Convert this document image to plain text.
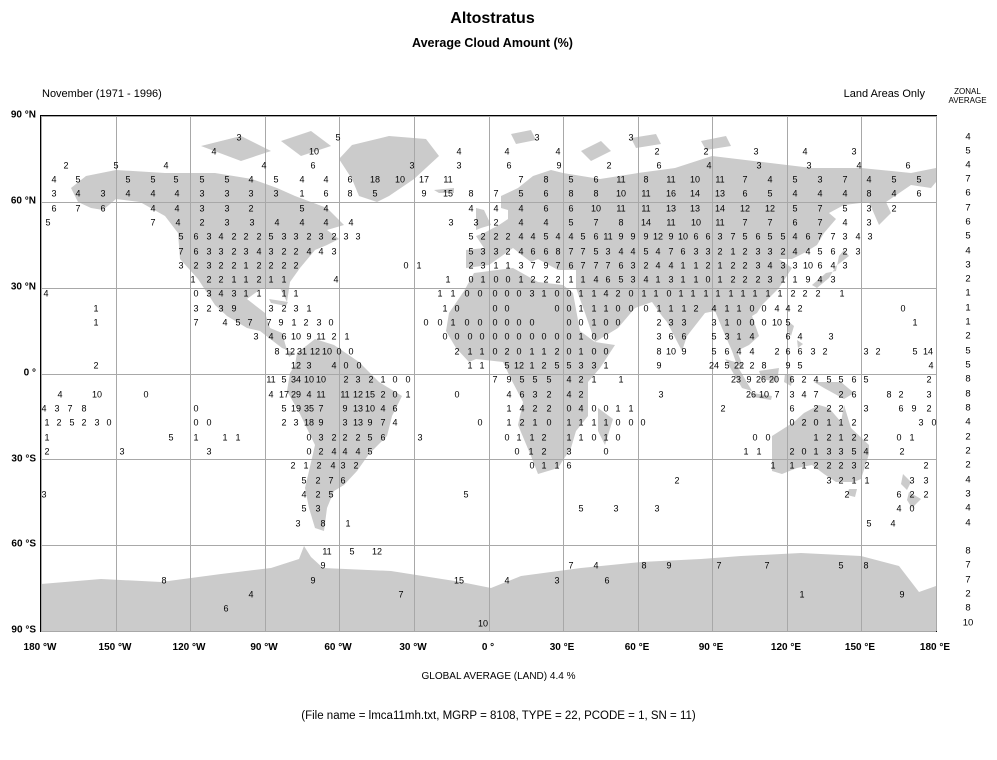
Altostratus
Average Cloud Amount (%)
November (1971 - 1996)	Land Areas Only	ZONAL
AVERAGE
3	5	3	3
4	10	4	4	4	2	2	3	4	3
2	5	4	4	6	3	3	6	9	2	6	4	3	3	4	6
4 5	5 5 5 5 5 4 5 4 4 6 18 10 17 11	7 8 5 6 11 8 11 10 11 7 4 5 3 7 4 5 5
3 4 3 4 4 4 3 3 3 3 1 6 8 5	9 15 8 7 5 6 8 8 10 11 16 14 13 6 5 4 4 4 8 4 6
6 7 6	4 4 3 3 2	5 4	4 4 4 6 6 10 11 11 13 13 14 12 12 5 7 5 3 2
5	7 4 2 3 3 4 4 4 4	3 3 2 4 4 5 7 8 14 11 10 11 7 7 6 7 4 3
5 6 3 4 2 2 2 5 3 3 2 3 2 3 3	5 2 2 2 4 4 5 4 4 5 6 11 9 9 9 12 9 10 6 6 3 7 5 6 5 5 4 6 7 7 3 4 3
7 6 3 3 2 3 4 3 2 2 4 4 3	5 3 3 2 4 6 6 8 7 7 5 3 4 4 5 4 7 6 3 3 2 1 2 3 3 2 4 4 5 6 2 3
3 2 3 2 2 1 2 2 2 2	0 1	2 3 1 1 3 7 9 7 6 7 7 7 6 3 2 4 4 1 1 2 1 2 2 3 4 3 3 10 6 4 3
1 2 2 1 1 2 1 1	4	1 0 1 0 0 1 2 2 2 1 1 4 6 5 3 4 1 3 1 1 0 1 2 2 2 3 1 1 9 4 3
4	0 3 4 3 1 1 1 1	1 1 0 0 0 0 0 3 1 0 0 1 1 4 2 0 1 1 0 1 1 1 1 1 1 1 1 1 2 2 2 1
1	3 2 3 9	3 2 3 1	1 0	0 0	0 0 1 1 1 0 0 0 1 1 1 2 4 1 1 0 0 4 4 2	0
1	7	4 5 7 7 9 1 2 3 0	0 0 1 0 0 0 0 0 0	0 0 1 0 0	2 3 3	3 1 0 0 0 10 5	1
3 4 6 10 9 11 2 1	0 0 0 0 0 0 0 0 0 0 0 1 0 0	3 6 6	5 3 1 4	6 4	3
8 12 31 12 10 0 0	2 1 1 0 2 0 1 1 2 0 1 0 0	8 10 9	5 6 4 4 2 6 6 3 2	3 2	5 14
2	12 3 4 0 0	1 1 5 12 1 2 5 5 3 3 1	9	24 5 22 2 8 9 5	4
11 5 34 10 10 2 3 2 1 0 0	7 9 5 5 5 4 2 1 1	23 9 26 20 6 2 4 5 5 6 5	2
4	10	0	4 17 29 4 11 11 12 15 2 0 1	0	4 6 3 2 4 2	3	26 10 7 3 4 7 2 6	8 2	3
4 3 7 8	0	5 19 35 7 9 13 10 4 6	1 4 2 2 0 4 0 0 1 1	2	6 2 2 2 3	6 9 2
1 2 5 2 3 0	0 0	2 3 18 9 3 13 9 7 4	0	1 2 1 0 1 1 1 1 0 0 0	0 2 0 1 1 2	3 0
1	5 1	1 1	0 3 2 2 2 5 6	3	0 1 1 2 1 1 0 1 0	0 0	1 2 1 2 2	0 1
2	3	3	0 2 4 4 4 5	0 1 2 3	0	1 1	2 0 1 3 3 5 4	2
2 1 2 4 3 2	0 1 1 6	1 1 1 2 2 2 3 2	2
5 2 7 6	2	3 2 1 1	3 3
3	4 2 5	5	2	6 2 2
5 3	5	3	3	4 0
3 8 1	5 4
11 5 12
9	7 4	8 9	7	7	5 8
8	9	15	4	3	6
4	7	1	9
6
10
90 °N
60 °N
30 °N
0 °
30 °S
60 °S
90 °S
180 °W	150 °W	120 °W	90 °W	60 °W	30 °W	0 °	30 °E	60 °E	90 °E	120 °E	150 °E	180 °E
4
5
4
7
6
7
6
5
4
3
2
1
1
1
2
5
5
8
8
8
4
2
2
2
4
3
4
4
8
7
7
2
8
10
GLOBAL AVERAGE (LAND) 4.4 %
(File name = lmca11mh.txt, MGRP = 8108, TYPE = 22, PCODE = 1, SN = 11)
